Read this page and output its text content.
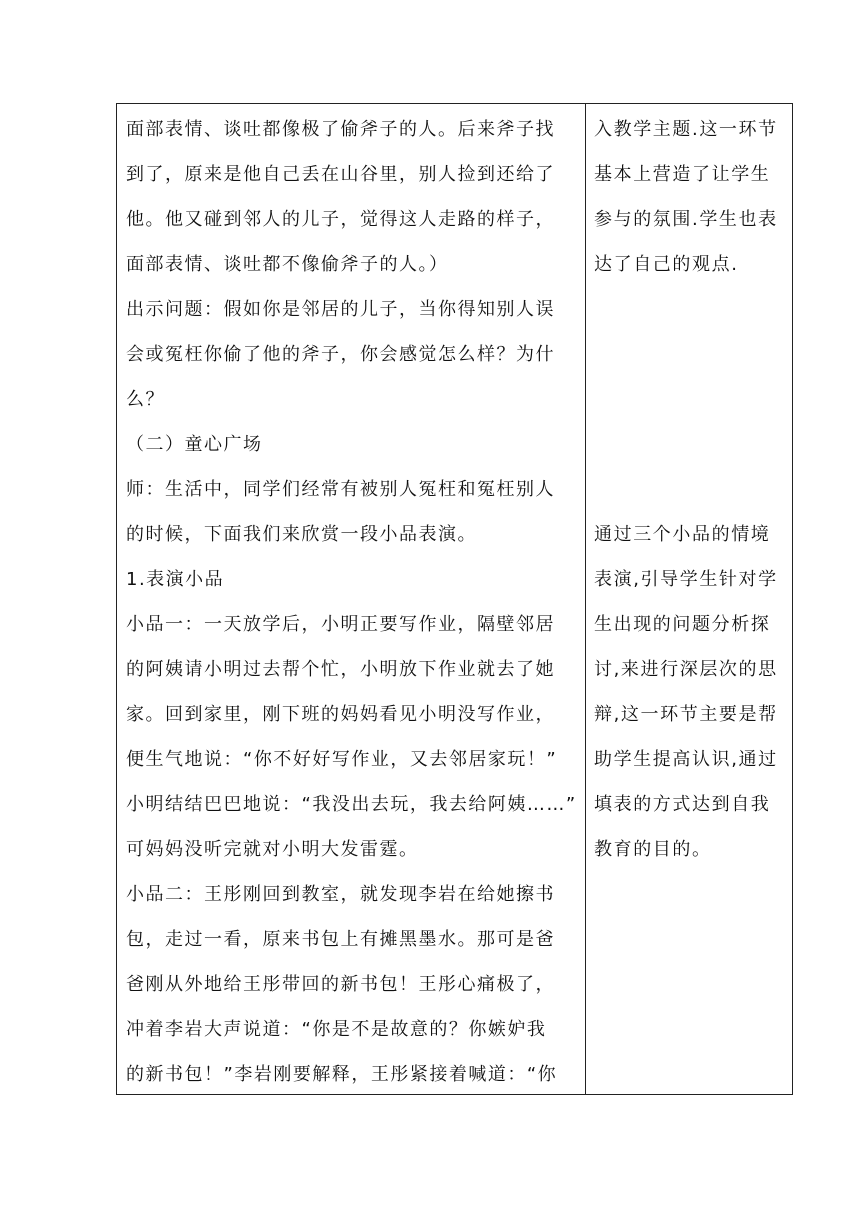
面部表情、谈吐都像极了偷斧子的人。后来斧子找
到了，原来是他自己丢在山谷里，别人捡到还给了
他。他又碰到邻人的儿子，觉得这人走路的样子，
面部表情、谈吐都不像偷斧子的人。）
出示问题：假如你是邻居的儿子，当你得知别人误
会或冤枉你偷了他的斧子，你会感觉怎么样？为什
么？
（二）童心广场
师：生活中，同学们经常有被别人冤枉和冤枉别人
的时候，下面我们来欣赏一段小品表演。
1.表演小品
小品一：一天放学后，小明正要写作业，隔壁邻居
的阿姨请小明过去帮个忙，小明放下作业就去了她
家。回到家里，刚下班的妈妈看见小明没写作业，
便生气地说：“你不好好写作业，又去邻居家玩！”
小明结结巴巴地说：“我没出去玩，我去给阿姨……”
可妈妈没听完就对小明大发雷霆。
小品二：王彤刚回到教室，就发现李岩在给她擦书
包，走过一看，原来书包上有摊黑墨水。那可是爸
爸刚从外地给王彤带回的新书包！王彤心痛极了，
冲着李岩大声说道：“你是不是故意的？你嫉妒我
的新书包！”李岩刚要解释，王彤紧接着喊道：“你
入教学主题.这一环节
基本上营造了让学生
参与的氛围.学生也表
达了自己的观点.
通过三个小品的情境
表演,引导学生针对学
生出现的问题分析探
讨,来进行深层次的思
辩,这一环节主要是帮
助学生提高认识,通过
填表的方式达到自我
教育的目的。
